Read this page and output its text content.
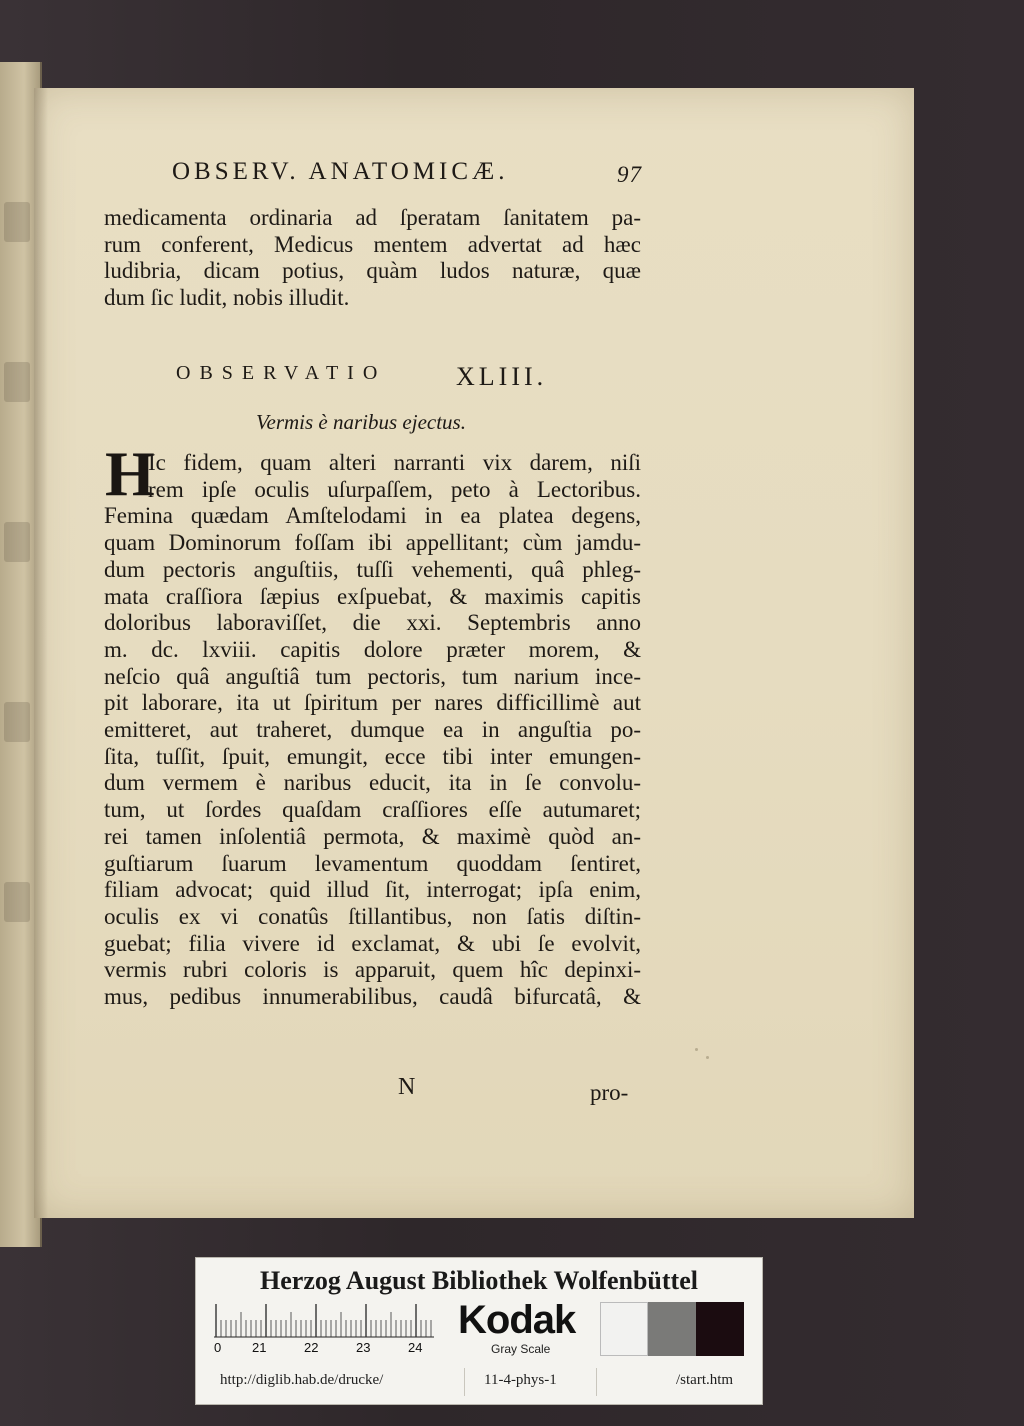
OBSERV. ANATOMICÆ.	97
medicamenta ordinaria ad ſperatam ſanitatem pa-
rum conferent, Medicus mentem advertat ad hæc
ludibria, dicam potius, quàm ludos naturæ, quæ
dum ſic ludit, nobis illudit.
OBSERVATIO	XLIII.
Vermis è naribus ejectus.
H
Ic fidem, quam alteri narranti vix darem, niſi
rem ipſe oculis uſurpaſſem, peto à Lectoribus.
Femina quædam Amſtelodami in ea platea degens,
quam Dominorum foſſam ibi appellitant; cùm jamdu-
dum pectoris anguſtiis, tuſſi vehementi, quâ phleg-
mata craſſiora ſæpius exſpuebat, & maximis capitis
doloribus laboraviſſet, die xxi. Septembris anno
m. dc. lxviii. capitis dolore præter morem, &
neſcio quâ anguſtiâ tum pectoris, tum narium ince-
pit laborare, ita ut ſpiritum per nares difficillimè aut
emitteret, aut traheret, dumque ea in anguſtia po-
ſita, tuſſit, ſpuit, emungit, ecce tibi inter emungen-
dum vermem è naribus educit, ita in ſe convolu-
tum, ut ſordes quaſdam craſſiores eſſe autumaret;
rei tamen inſolentiâ permota, & maximè quòd an-
guſtiarum ſuarum levamentum quoddam ſentiret,
filiam advocat; quid illud ſit, interrogat; ipſa enim,
oculis ex vi conatûs ſtillantibus, non ſatis diſtin-
guebat; filia vivere id exclamat, & ubi ſe evolvit,
vermis rubri coloris is apparuit, quem hîc depinxi-
mus, pedibus innumerabilibus, caudâ bifurcatâ, &
N	pro-
Herzog August Bibliothek Wolfenbüttel
0 21	22	23	24
Kodak
Gray Scale
http://diglib.hab.de/drucke/	11-4-phys-1	/start.htm
